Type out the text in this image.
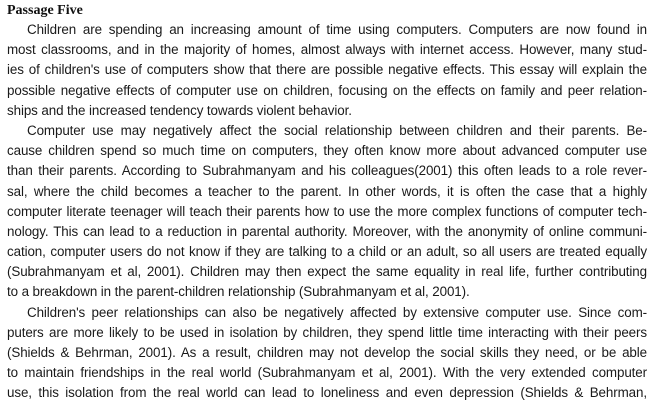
Passage Five
Children are spending an increasing amount of time using computers. Computers are now found in
most classrooms, and in the majority of homes, almost always with internet access. However, many stud-
ies of children's use of computers show that there are possible negative effects. This essay will explain the
possible negative effects of computer use on children, focusing on the effects on family and peer relation-
ships and the increased tendency towards violent behavior.
Computer use may negatively affect the social relationship between children and their parents. Be-
cause children spend so much time on computers, they often know more about advanced computer use
than their parents. According to Subrahmanyam and his colleagues(2001) this often leads to a role rever-
sal, where the child becomes a teacher to the parent. In other words, it is often the case that a highly
computer literate teenager will teach their parents how to use the more complex functions of computer tech-
nology. This can lead to a reduction in parental authority. Moreover, with the anonymity of online communi-
cation, computer users do not know if they are talking to a child or an adult, so all users are treated equally
(Subrahmanyam et al, 2001). Children may then expect the same equality in real life, further contributing
to a breakdown in the parent-children relationship (Subrahmanyam et al, 2001).
Children's peer relationships can also be negatively affected by extensive computer use. Since com-
puters are more likely to be used in isolation by children, they spend little time interacting with their peers
(Shields & Behrman, 2001). As a result, children may not develop the social skills they need, or be able
to maintain friendships in the real world (Subrahmanyam et al, 2001). With the very extended computer
use, this isolation from the real world can lead to loneliness and even depression (Shields & Behrman,
